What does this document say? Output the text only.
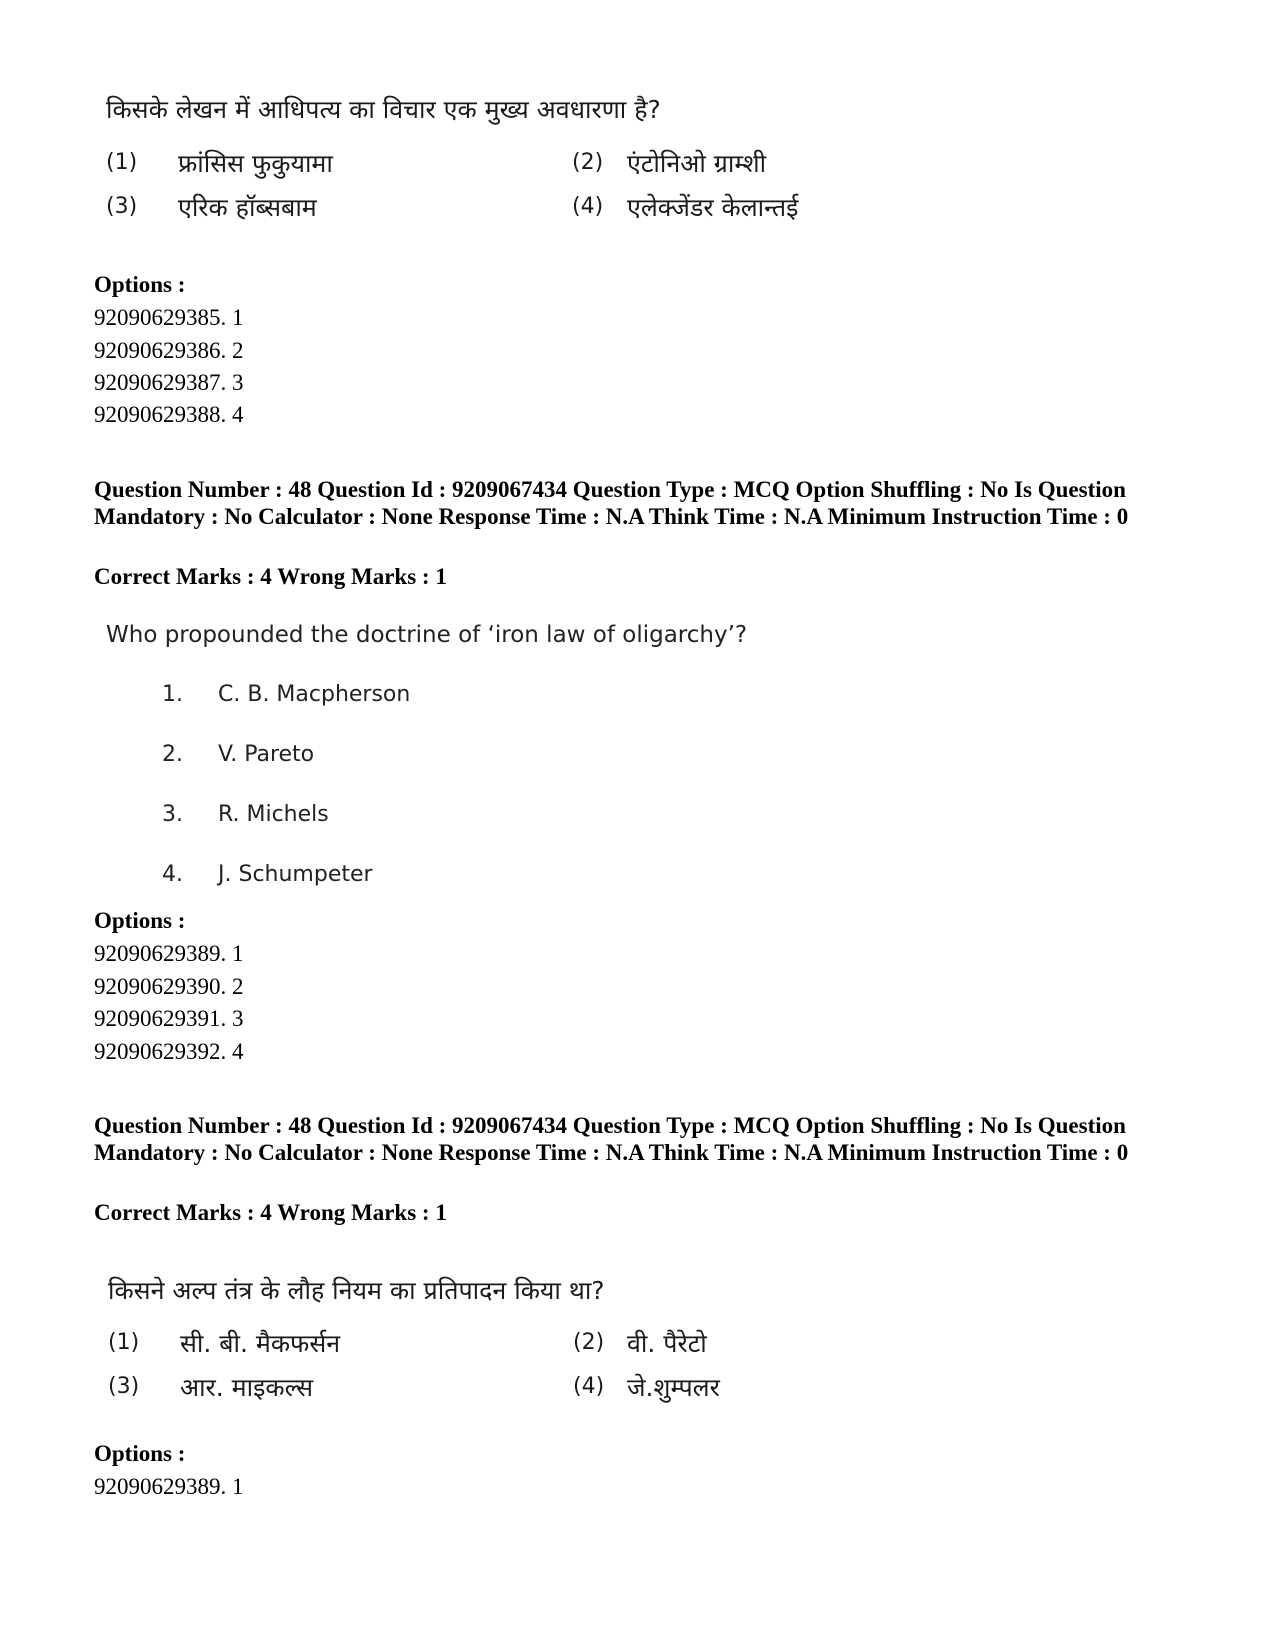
किसके लेखन में आधिपत्य का विचार एक मुख्य अवधारणा है?
(1) फ्रांसिस फुकुयामा	(2) एंटोनिओ ग्राम्शी
(3) एरिक हॉब्सबाम	(4) एलेक्जेंडर केलान्तई
Options :
92090629385. 1
92090629386. 2
92090629387. 3
92090629388. 4
Question Number : 48 Question Id : 9209067434 Question Type : MCQ Option Shuffling : No Is Question Mandatory : No Calculator : None Response Time : N.A Think Time : N.A Minimum Instruction Time : 0
Correct Marks : 4 Wrong Marks : 1
Who propounded the doctrine of ‘iron law of oligarchy’?
1. C. B. Macpherson
2. V. Pareto
3. R. Michels
4. J. Schumpeter
Options :
92090629389. 1
92090629390. 2
92090629391. 3
92090629392. 4
Question Number : 48 Question Id : 9209067434 Question Type : MCQ Option Shuffling : No Is Question Mandatory : No Calculator : None Response Time : N.A Think Time : N.A Minimum Instruction Time : 0
Correct Marks : 4 Wrong Marks : 1
किसने अल्प तंत्र के लौह नियम का प्रतिपादन किया था?
(1) सी. बी. मैकफर्सन	(2) वी. पैरेटो
(3) आर. माइकल्स	(4) जे.शुम्पलर
Options :
92090629389. 1
